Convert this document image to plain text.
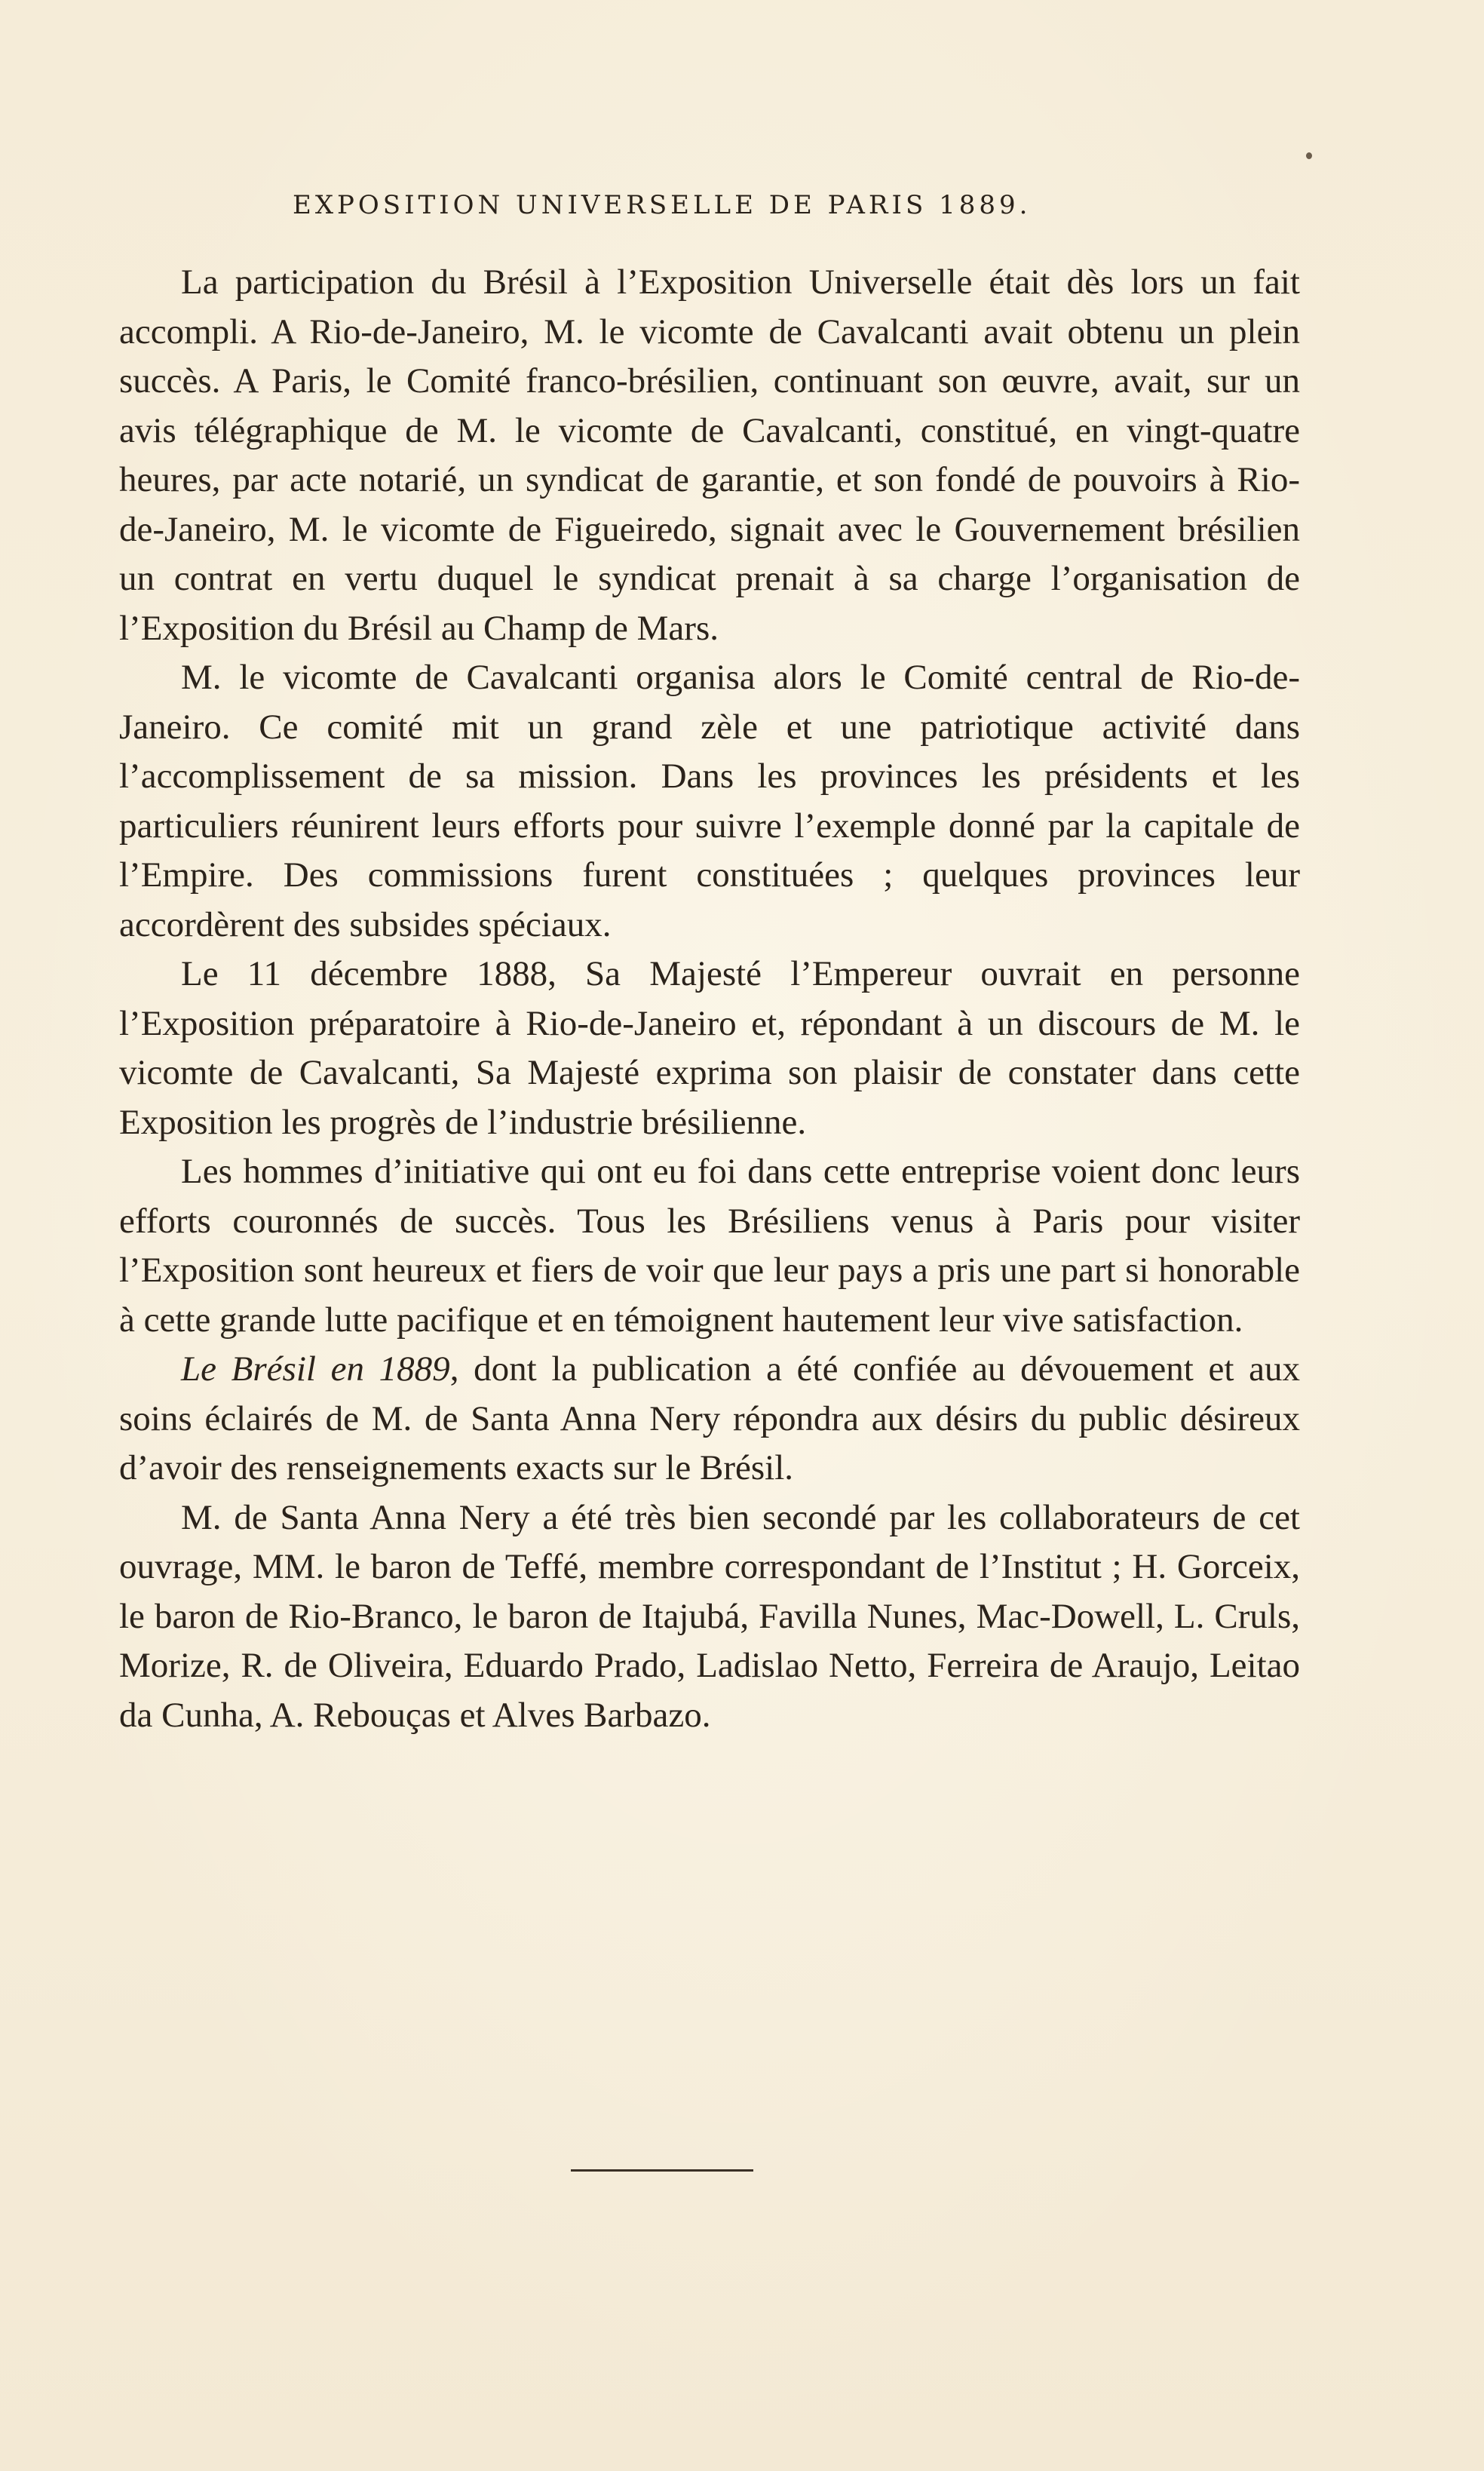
EXPOSITION UNIVERSELLE DE PARIS 1889.

La participation du Brésil à l’Exposition Universelle était dès lors un fait accompli. A Rio-de-Janeiro, M. le vicomte de Cavalcanti avait obtenu un plein succès. A Paris, le Comité franco-brésilien, continuant son œuvre, avait, sur un avis télégraphique de M. le vicomte de Cavalcanti, constitué, en vingt-quatre heures, par acte notarié, un syndicat de garantie, et son fondé de pouvoirs à Rio-de-Janeiro, M. le vicomte de Figueiredo, signait avec le Gouvernement brésilien un contrat en vertu duquel le syndicat prenait à sa charge l’organisation de l’Exposition du Brésil au Champ de Mars.

M. le vicomte de Cavalcanti organisa alors le Comité central de Rio-de-Janeiro. Ce comité mit un grand zèle et une patriotique activité dans l’accomplissement de sa mission. Dans les provinces les présidents et les particuliers réunirent leurs efforts pour suivre l’exemple donné par la capitale de l’Empire. Des commissions furent constituées ; quelques provinces leur accordèrent des subsides spéciaux.

Le 11 décembre 1888, Sa Majesté l’Empereur ouvrait en personne l’Exposition préparatoire à Rio-de-Janeiro et, répondant à un discours de M. le vicomte de Cavalcanti, Sa Majesté exprima son plaisir de constater dans cette Exposition les progrès de l’industrie brésilienne.

Les hommes d’initiative qui ont eu foi dans cette entreprise voient donc leurs efforts couronnés de succès. Tous les Brésiliens venus à Paris pour visiter l’Exposition sont heureux et fiers de voir que leur pays a pris une part si honorable à cette grande lutte pacifique et en témoignent hautement leur vive satisfaction.

Le Brésil en 1889, dont la publication a été confiée au dévouement et aux soins éclairés de M. de Santa Anna Nery répondra aux désirs du public désireux d’avoir des renseignements exacts sur le Brésil.

M. de Santa Anna Nery a été très bien secondé par les collaborateurs de cet ouvrage, MM. le baron de Teffé, membre correspondant de l’Institut ; H. Gorceix, le baron de Rio-Branco, le baron de Itajubá, Favilla Nunes, Mac-Dowell, L. Cruls, Morize, R. de Oliveira, Eduardo Prado, Ladislao Netto, Ferreira de Araujo, Leitao da Cunha, A. Rebouças et Alves Barbazo.
